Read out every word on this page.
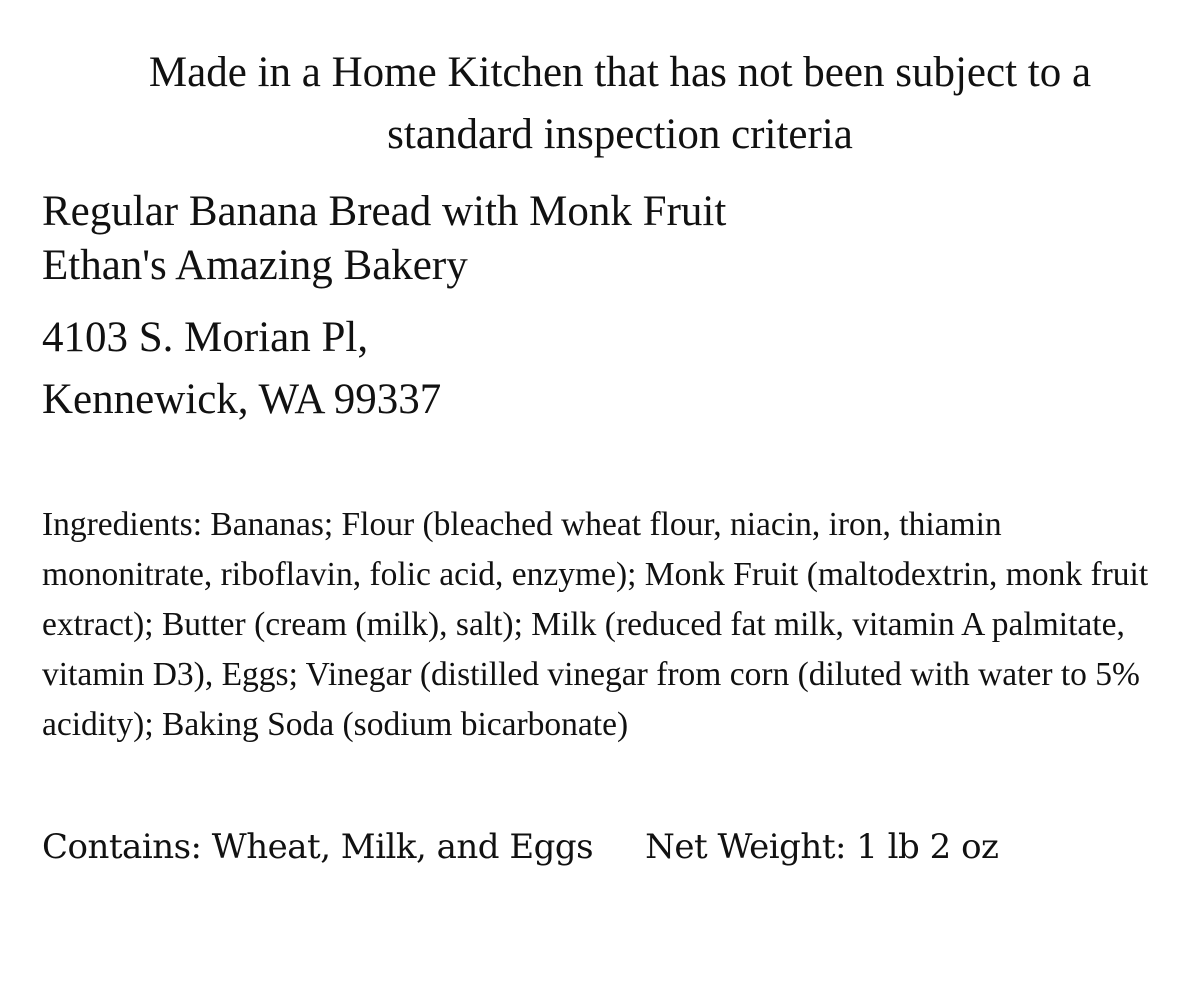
Made in a Home Kitchen that has not been subject to a standard inspection criteria
Regular Banana Bread with Monk Fruit
Ethan's Amazing Bakery
4103 S. Morian Pl,
Kennewick, WA 99337
Ingredients: Bananas; Flour (bleached wheat flour, niacin, iron, thiamin mononitrate, riboflavin, folic acid, enzyme); Monk Fruit (maltodextrin, monk fruit extract); Butter (cream (milk), salt); Milk (reduced fat milk, vitamin A palmitate, vitamin D3), Eggs; Vinegar (distilled vinegar from corn (diluted with water to 5% acidity); Baking Soda (sodium bicarbonate)
Contains: Wheat, Milk, and Eggs Net Weight: 1 lb 2 oz
